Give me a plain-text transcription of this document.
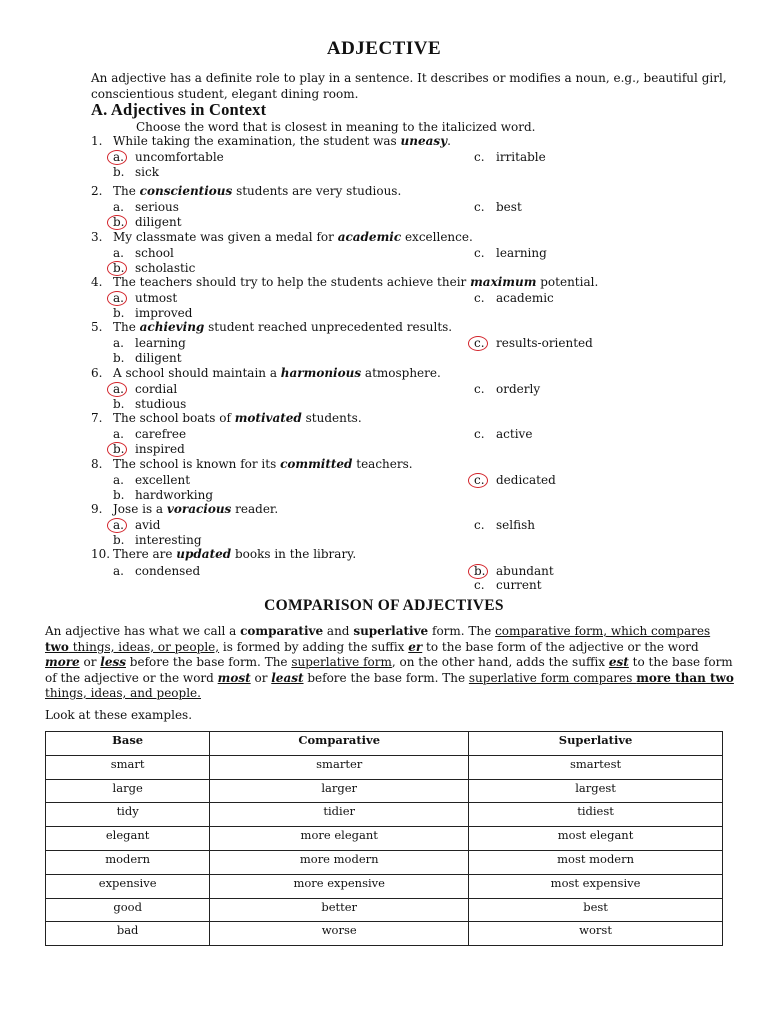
ADJECTIVE
An adjective has a definite role to play in a sentence. It describes or modifies a noun, e.g., beautiful girl, conscientious student, elegant dining room.
A. Adjectives in Context
Choose the word that is closest in meaning to the italicized word.
1. While taking the examination, the student was uneasy.
a. uncomfortable
b. sick
c. irritable
2. The conscientious students are very studious.
a. serious
b. diligent
c. best
3. My classmate was given a medal for academic excellence.
a. school
b. scholastic
c. learning
4. The teachers should try to help the students achieve their maximum potential.
a. utmost
b. improved
c. academic
5. The achieving student reached unprecedented results.
a. learning
b. diligent
c. results-oriented
6. A school should maintain a harmonious atmosphere.
a. cordial
b. studious
c. orderly
7. The school boats of motivated students.
a. carefree
b. inspired
c. active
8. The school is known for its committed teachers.
a. excellent
b. hardworking
c. dedicated
9. Jose is a voracious reader.
a. avid
b. interesting
c. selfish
10. There are updated books in the library.
a. condensed	b. abundant
c. current
COMPARISON OF ADJECTIVES
An adjective has what we call a comparative and superlative form. The comparative form, which compares two things, ideas, or people, is formed by adding the suffix er to the base form of the adjective or the word more or less before the base form. The superlative form, on the other hand, adds the suffix est to the base form of the adjective or the word most or least before the base form. The superlative form compares more than two things, ideas, and people.
Look at these examples.
Base	Comparative	Superlative
smart	smarter	smartest
large	larger	largest
tidy	tidier	tidiest
elegant	more elegant	most elegant
modern	more modern	most modern
expensive	more expensive	most expensive
good	better	best
bad	worse	worst
